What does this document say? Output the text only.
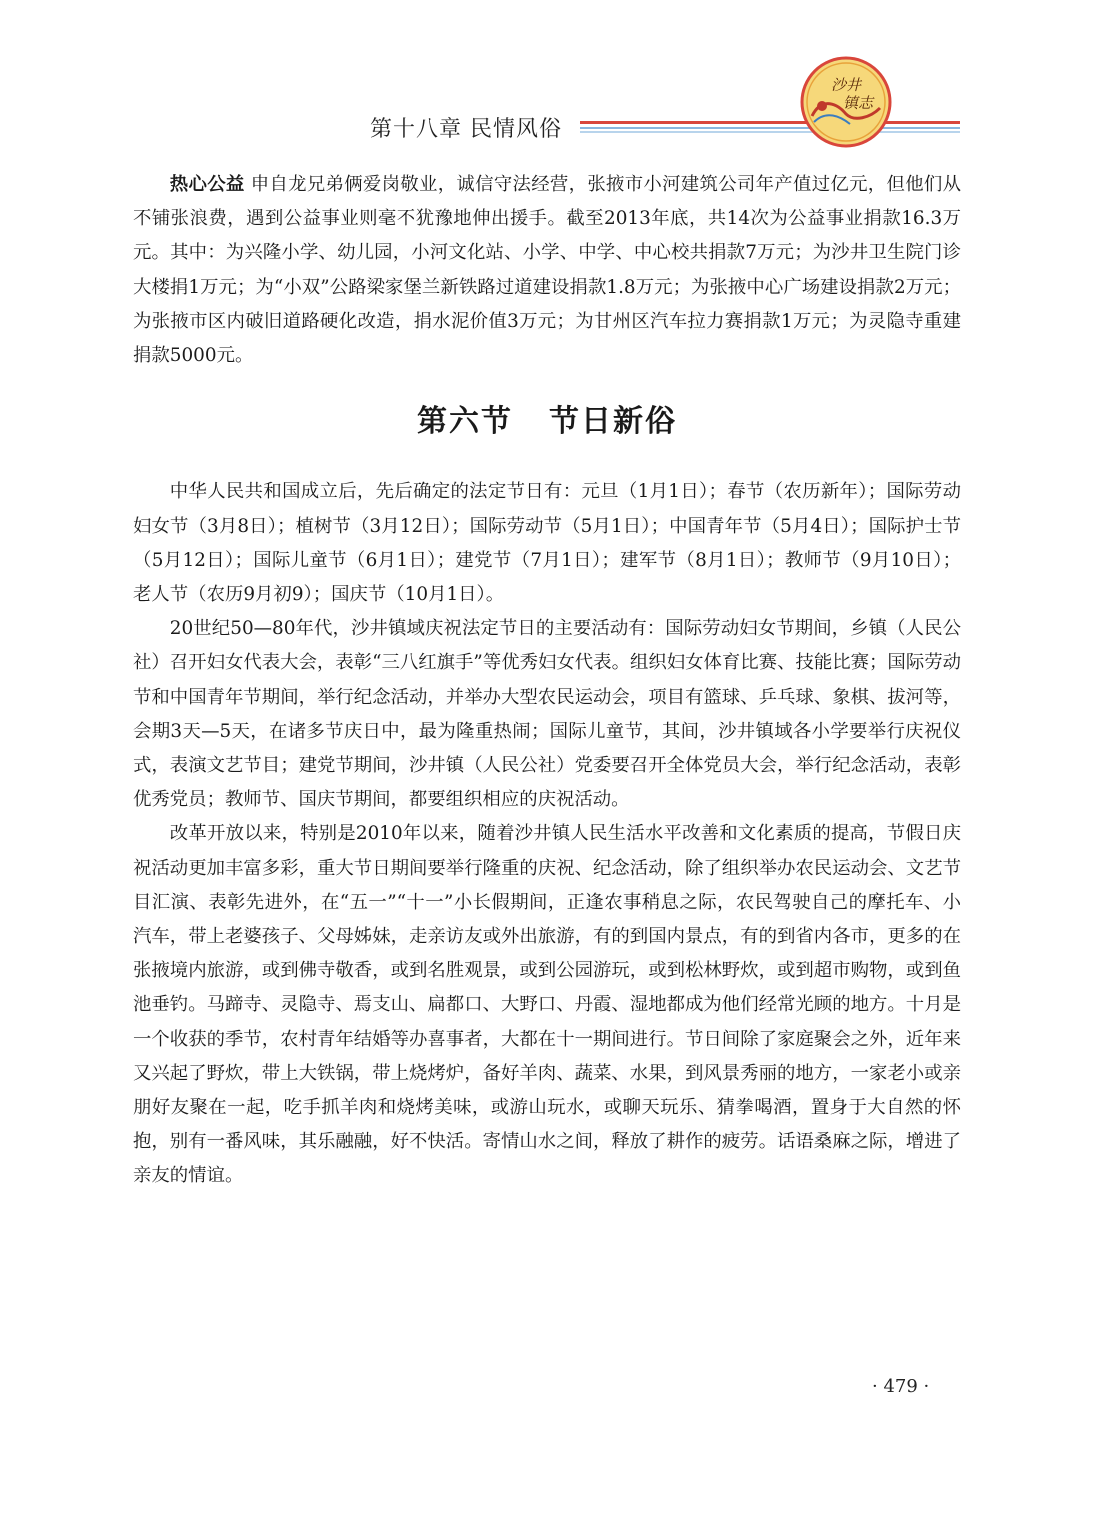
第十八章 民情风俗
沙井
镇志

热心公益 申自龙兄弟俩爱岗敬业，诚信守法经营，张掖市小河建筑公司年产值过亿元，但他们从不铺张浪费，遇到公益事业则毫不犹豫地伸出援手。截至2013年底，共14次为公益事业捐款16.3万元。其中：为兴隆小学、幼儿园，小河文化站、小学、中学、中心校共捐款7万元；为沙井卫生院门诊大楼捐1万元；为“小双”公路梁家堡兰新铁路过道建设捐款1.8万元；为张掖中心广场建设捐款2万元；为张掖市区内破旧道路硬化改造，捐水泥价值3万元；为甘州区汽车拉力赛捐款1万元；为灵隐寺重建捐款5000元。

第六节 节日新俗

中华人民共和国成立后，先后确定的法定节日有：元旦（1月1日）；春节（农历新年）；国际劳动妇女节（3月8日）；植树节（3月12日）；国际劳动节（5月1日）；中国青年节（5月4日）；国际护士节（5月12日）；国际儿童节（6月1日）；建党节（7月1日）；建军节（8月1日）；教师节（9月10日）；老人节（农历9月初9）；国庆节（10月1日）。

20世纪50—80年代，沙井镇域庆祝法定节日的主要活动有：国际劳动妇女节期间，乡镇（人民公社）召开妇女代表大会，表彰“三八红旗手”等优秀妇女代表。组织妇女体育比赛、技能比赛；国际劳动节和中国青年节期间，举行纪念活动，并举办大型农民运动会，项目有篮球、乒乓球、象棋、拔河等，会期3天—5天，在诸多节庆日中，最为隆重热闹；国际儿童节，其间，沙井镇域各小学要举行庆祝仪式，表演文艺节目；建党节期间，沙井镇（人民公社）党委要召开全体党员大会，举行纪念活动，表彰优秀党员；教师节、国庆节期间，都要组织相应的庆祝活动。

改革开放以来，特别是2010年以来，随着沙井镇人民生活水平改善和文化素质的提高，节假日庆祝活动更加丰富多彩，重大节日期间要举行隆重的庆祝、纪念活动，除了组织举办农民运动会、文艺节目汇演、表彰先进外，在“五一”“十一”小长假期间，正逢农事稍息之际，农民驾驶自己的摩托车、小汽车，带上老婆孩子、父母姊妹，走亲访友或外出旅游，有的到国内景点，有的到省内各市，更多的在张掖境内旅游，或到佛寺敬香，或到名胜观景，或到公园游玩，或到松林野炊，或到超市购物，或到鱼池垂钓。马蹄寺、灵隐寺、焉支山、扁都口、大野口、丹霞、湿地都成为他们经常光顾的地方。十月是一个收获的季节，农村青年结婚等办喜事者，大都在十一期间进行。节日间除了家庭聚会之外，近年来又兴起了野炊，带上大铁锅，带上烧烤炉，备好羊肉、蔬菜、水果，到风景秀丽的地方，一家老小或亲朋好友聚在一起，吃手抓羊肉和烧烤美味，或游山玩水，或聊天玩乐、猜拳喝酒，置身于大自然的怀抱，别有一番风味，其乐融融，好不快活。寄情山水之间，释放了耕作的疲劳。话语桑麻之际，增进了亲友的情谊。

· 479 ·
